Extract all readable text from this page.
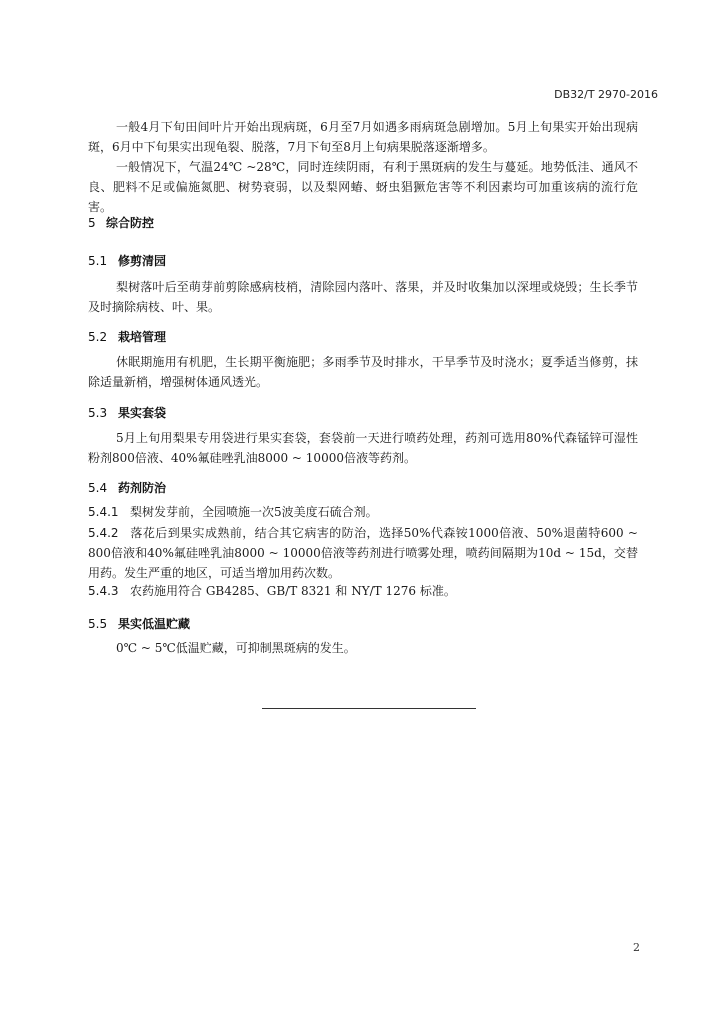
DB32/T 2970-2016

一般4月下旬田间叶片开始出现病斑，6月至7月如遇多雨病斑急剧增加。5月上旬果实开始出现病斑，6月中下旬果实出现龟裂、脱落，7月下旬至8月上旬病果脱落逐渐增多。

一般情况下，气温24℃ ~28℃，同时连续阴雨，有利于黑斑病的发生与蔓延。地势低洼、通风不良、肥料不足或偏施氮肥、树势衰弱，以及梨网蝽、蚜虫猖獗危害等不利因素均可加重该病的流行危害。

5 综合防控
5.1 修剪清园

梨树落叶后至萌芽前剪除感病枝梢，清除园内落叶、落果，并及时收集加以深埋或烧毁；生长季节及时摘除病枝、叶、果。

5.2 栽培管理

休眠期施用有机肥，生长期平衡施肥；多雨季节及时排水，干旱季节及时浇水；夏季适当修剪，抹除适量新梢，增强树体通风透光。

5.3 果实套袋

5月上旬用梨果专用袋进行果实套袋，套袋前一天进行喷药处理，药剂可选用80%代森锰锌可湿性粉剂800倍液、40%氟硅唑乳油8000 ~ 10000倍液等药剂。

5.4 药剂防治

5.4.1 梨树发芽前，全园喷施一次5波美度石硫合剂。

5.4.2 落花后到果实成熟前，结合其它病害的防治，选择50%代森铵1000倍液、50%退菌特600 ~ 800倍液和40%氟硅唑乳油8000 ~ 10000倍液等药剂进行喷雾处理，喷药间隔期为10d ~ 15d，交替用药。发生严重的地区，可适当增加用药次数。

5.4.3 农药施用符合 GB4285、GB/T 8321 和 NY/T 1276 标准。

5.5 果实低温贮藏

0℃ ~ 5℃低温贮藏，可抑制黑斑病的发生。

2
